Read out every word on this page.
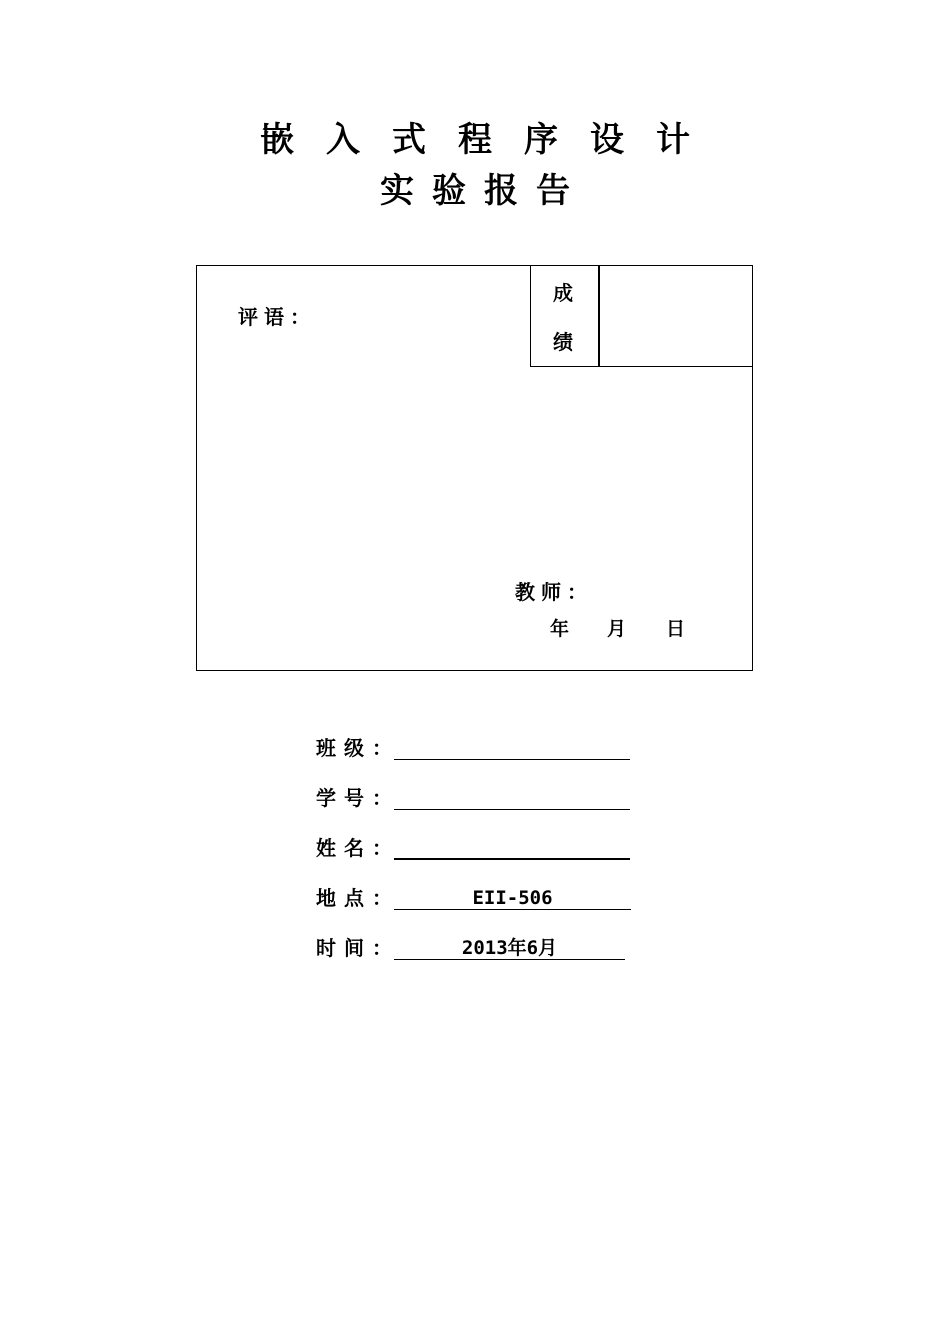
嵌入式程序设计
实验报告
成
绩
评语：
教师：
年 月 日
班级：
学号：
姓名：
地点：	EII-506
时间：	2013年6月
